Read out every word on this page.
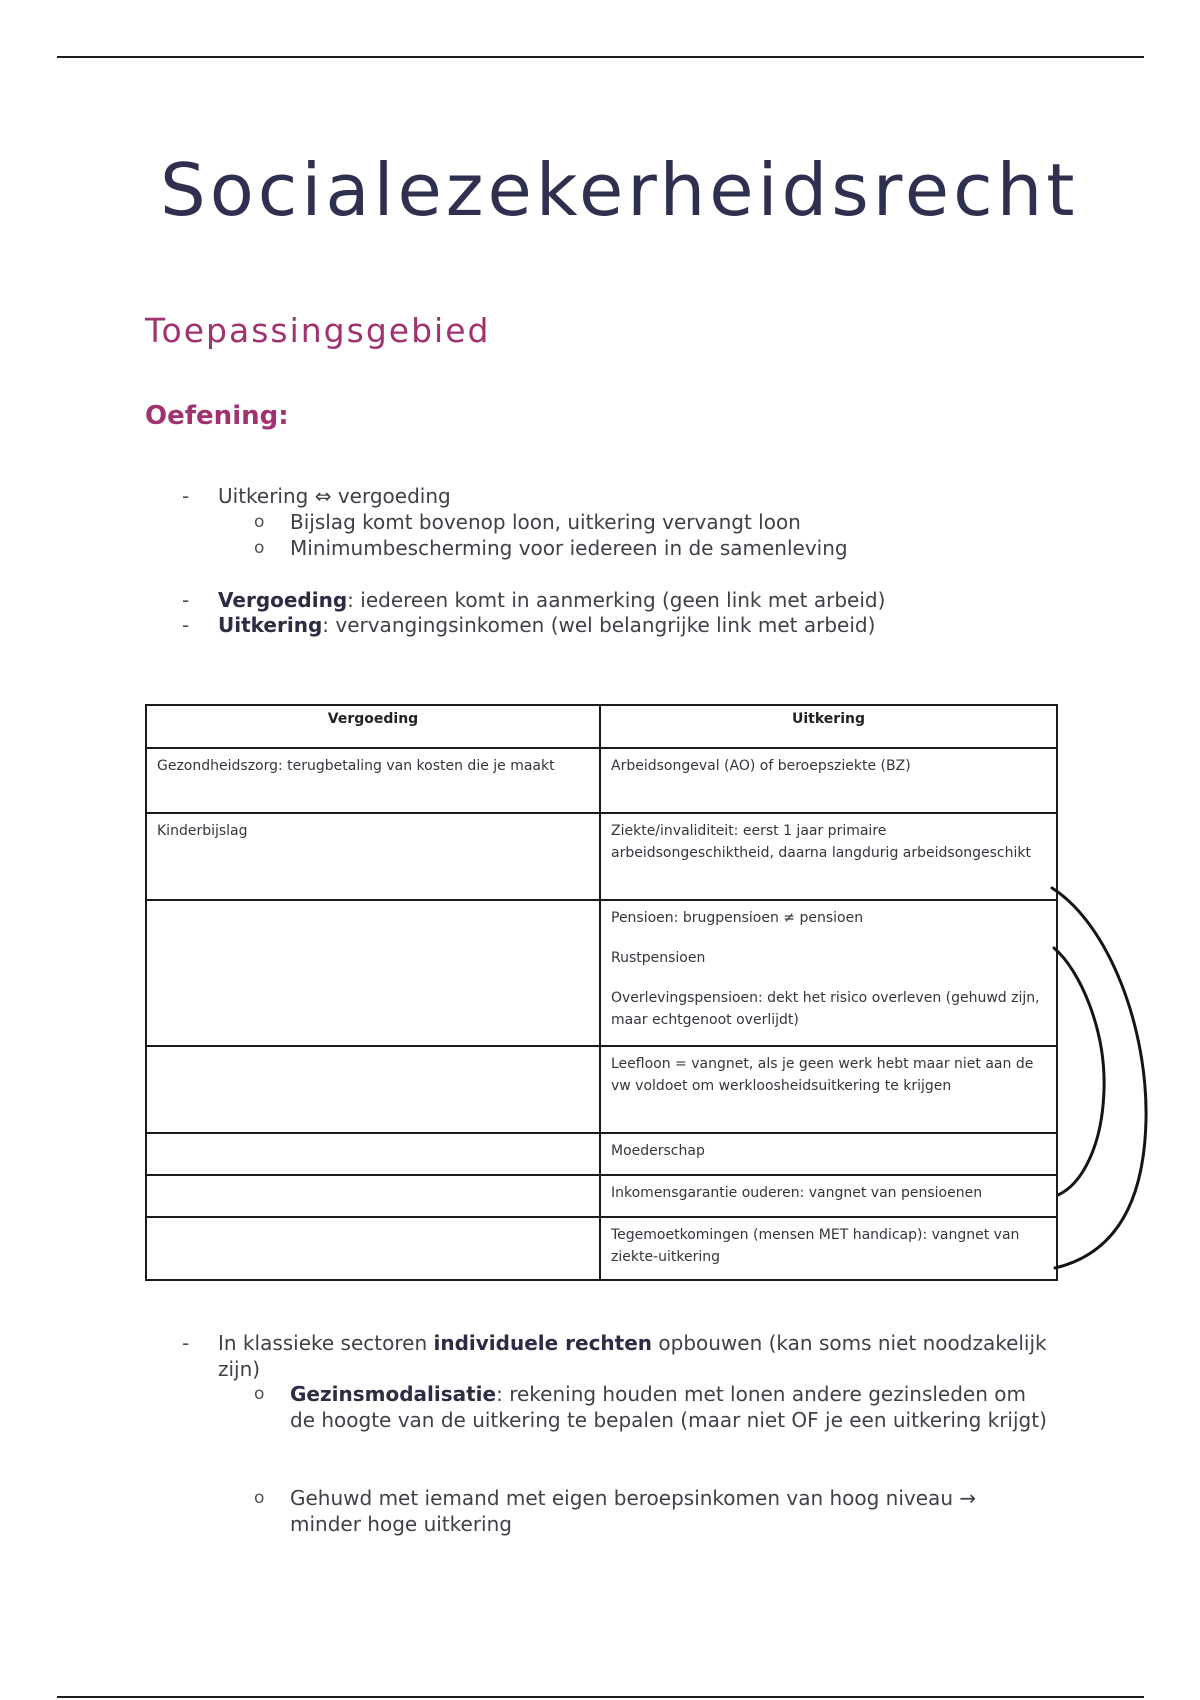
Socialezekerheidsrecht
Toepassingsgebied
Oefening:
- Uitkering ⇔ vergoeding
o Bijslag komt bovenop loon, uitkering vervangt loon
o Minimumbescherming voor iedereen in de samenleving
- Vergoeding: iedereen komt in aanmerking (geen link met arbeid)
- Uitkering: vervangingsinkomen (wel belangrijke link met arbeid)
Vergoeding	Uitkering
Gezondheidszorg: terugbetaling van kosten die je maakt	Arbeidsongeval (AO) of beroepsziekte (BZ)

Kinderbijslag	Ziekte/invaliditeit: eerst 1 jaar primaire arbeidsongeschiktheid, daarna langdurig arbeidsongeschikt

	Pensioen: brugpensioen ≠ pensioen

Rustpensioen

Overlevingspensioen: dekt het risico overleven (gehuwd zijn, maar echtgenoot overlijdt)

	Leefloon = vangnet, als je geen werk hebt maar niet aan de vw voldoet om werkloosheidsuitkering te krijgen

	Moederschap

	Inkomensgarantie ouderen: vangnet van pensioenen

	Tegemoetkomingen (mensen MET handicap): vangnet van ziekte-uitkering

- In klassieke sectoren individuele rechten opbouwen (kan soms niet noodzakelijk zijn)
o Gezinsmodalisatie: rekening houden met lonen andere gezinsleden om de hoogte van de uitkering te bepalen (maar niet OF je een uitkering krijgt)
o Gehuwd met iemand met eigen beroepsinkomen van hoog niveau → minder hoge uitkering
